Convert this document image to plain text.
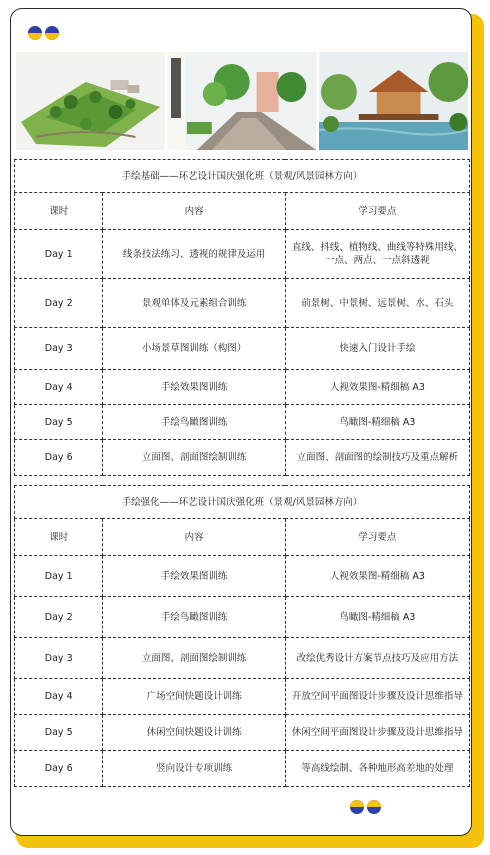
手绘基础——环艺设计国庆强化班（景观/风景园林方向）		
课时	内容	学习要点
Day 1	线条技法练习、透视的规律及运用	直线、抖线、植物线、曲线等特殊用线、一点、两点、一点斜透视
Day 2	景观单体及元素组合训练	前景树、中景树、远景树、水、石头
Day 3	小场景草图训练（构图）	快速入门设计手绘
Day 4	手绘效果图训练	人视效果图-精细稿 A3
Day 5	手绘鸟瞰图训练	鸟瞰图-精细稿 A3
Day 6	立面图、剖面图绘制训练	立面图、剖面图的绘制技巧及重点解析
手绘强化——环艺设计国庆强化班（景观/风景园林方向）		
课时	内容	学习要点
Day 1	手绘效果图训练	人视效果图-精细稿 A3
Day 2	手绘鸟瞰图训练	鸟瞰图-精细稿 A3
Day 3	立面图、剖面图绘制训练	改绘优秀设计方案节点技巧及应用方法
Day 4	广场空间快题设计训练	开放空间平面图设计步骤及设计思维指导
Day 5	休闲空间快题设计训练	休闲空间平面图设计步骤及设计思维指导
Day 6	竖向设计专项训练	等高线绘制、各种地形高差地的处理
